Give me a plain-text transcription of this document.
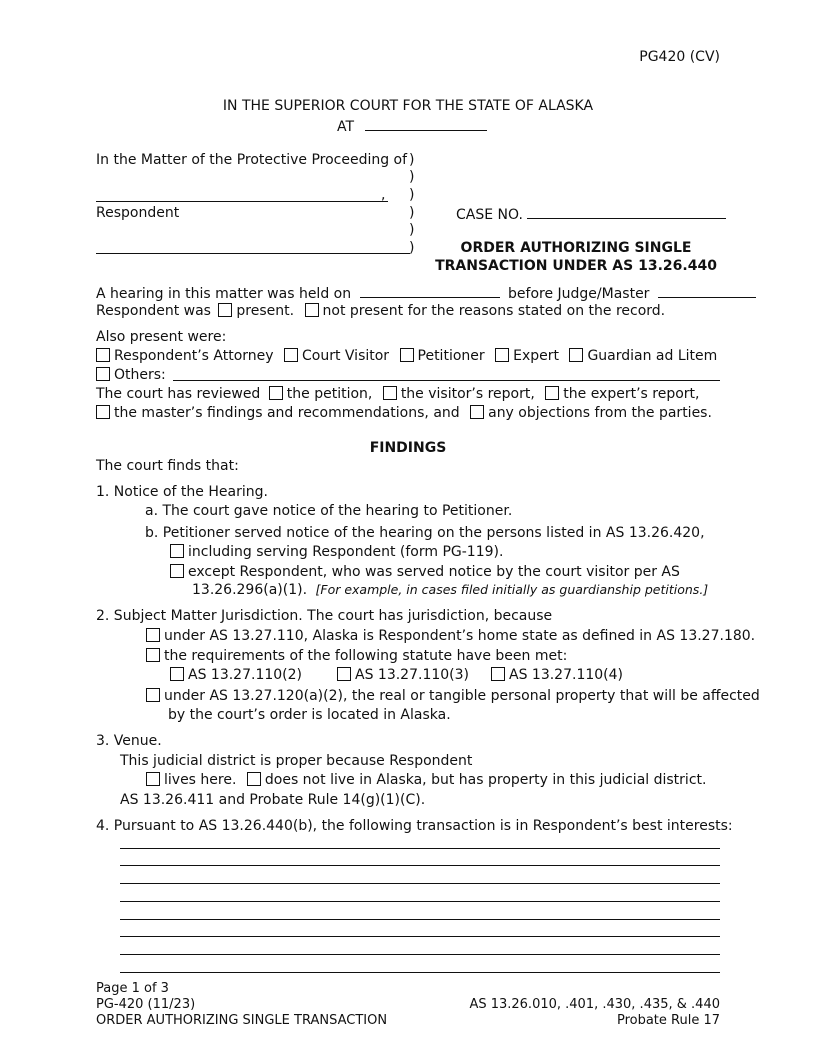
PG420 (CV)
IN THE SUPERIOR COURT FOR THE STATE OF ALASKA
AT
In the Matter of the Protective Proceeding of
,
Respondent
)
)
)
)
)
)
CASE NO.
ORDER AUTHORIZING SINGLE
TRANSACTION UNDER AS 13.26.440
A hearing in this matter was held on	before Judge/Master
Respondent was present. not present for the reasons stated on the record.
Also present were:
Respondent’s Attorney Court Visitor Petitioner Expert Guardian ad Litem
Others:
The court has reviewed the petition, the visitor’s report, the expert’s report,
the master’s findings and recommendations, and any objections from the parties.
FINDINGS
The court finds that:
1. Notice of the Hearing.
a. The court gave notice of the hearing to Petitioner.
b. Petitioner served notice of the hearing on the persons listed in AS 13.26.420,
including serving Respondent (form PG-119).
except Respondent, who was served notice by the court visitor per AS
13.26.296(a)(1). [For example, in cases filed initially as guardianship petitions.]
2. Subject Matter Jurisdiction. The court has jurisdiction, because
under AS 13.27.110, Alaska is Respondent’s home state as defined in AS 13.27.180.
the requirements of the following statute have been met:
AS 13.27.110(2)	AS 13.27.110(3)	AS 13.27.110(4)
under AS 13.27.120(a)(2), the real or tangible personal property that will be affected
by the court’s order is located in Alaska.
3. Venue.
This judicial district is proper because Respondent
lives here. does not live in Alaska, but has property in this judicial district.
AS 13.26.411 and Probate Rule 14(g)(1)(C).
4. Pursuant to AS 13.26.440(b), the following transaction is in Respondent’s best interests:
Page 1 of 3
PG-420 (11/23)
ORDER AUTHORIZING SINGLE TRANSACTION
AS 13.26.010, .401, .430, .435, & .440
Probate Rule 17
